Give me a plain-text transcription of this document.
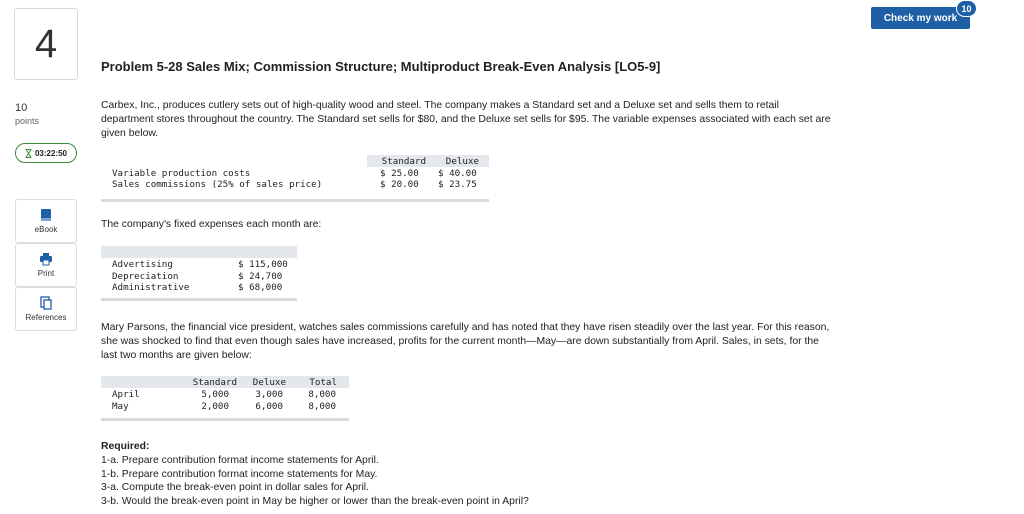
4
10
points
03:22:50
eBook
Print
References
Check my work
10
Problem 5-28 Sales Mix; Commission Structure; Multiproduct Break-Even Analysis [LO5-9]

Carbex, Inc., produces cutlery sets out of high-quality wood and steel. The company makes a Standard set and a Deluxe set and sells them to retail department stores throughout the country. The Standard set sells for $80, and the Deluxe set sells for $95. The variable expenses associated with each set are given below.

Standard	Deluxe
Variable production costs	$ 25.00 $ 40.00
Sales commissions (25% of sales price)	$ 20.00 $ 23.75

The company's fixed expenses each month are:

Advertising	$ 115,000
Depreciation	$ 24,700
Administrative	$ 68,000

Mary Parsons, the financial vice president, watches sales commissions carefully and has noted that they have risen steadily over the last year. For this reason, she was shocked to find that even though sales have increased, profits for the current month—May—are down substantially from April. Sales, in sets, for the last two months are given below:

Standard	Deluxe	Total
April	5,000	3,000	8,000
May	2,000	6,000	8,000
Required:
1-a. Prepare contribution format income statements for April.
1-b. Prepare contribution format income statements for May.
3-a. Compute the break-even point in dollar sales for April.
3-b. Would the break-even point in May be higher or lower than the break-even point in April?
